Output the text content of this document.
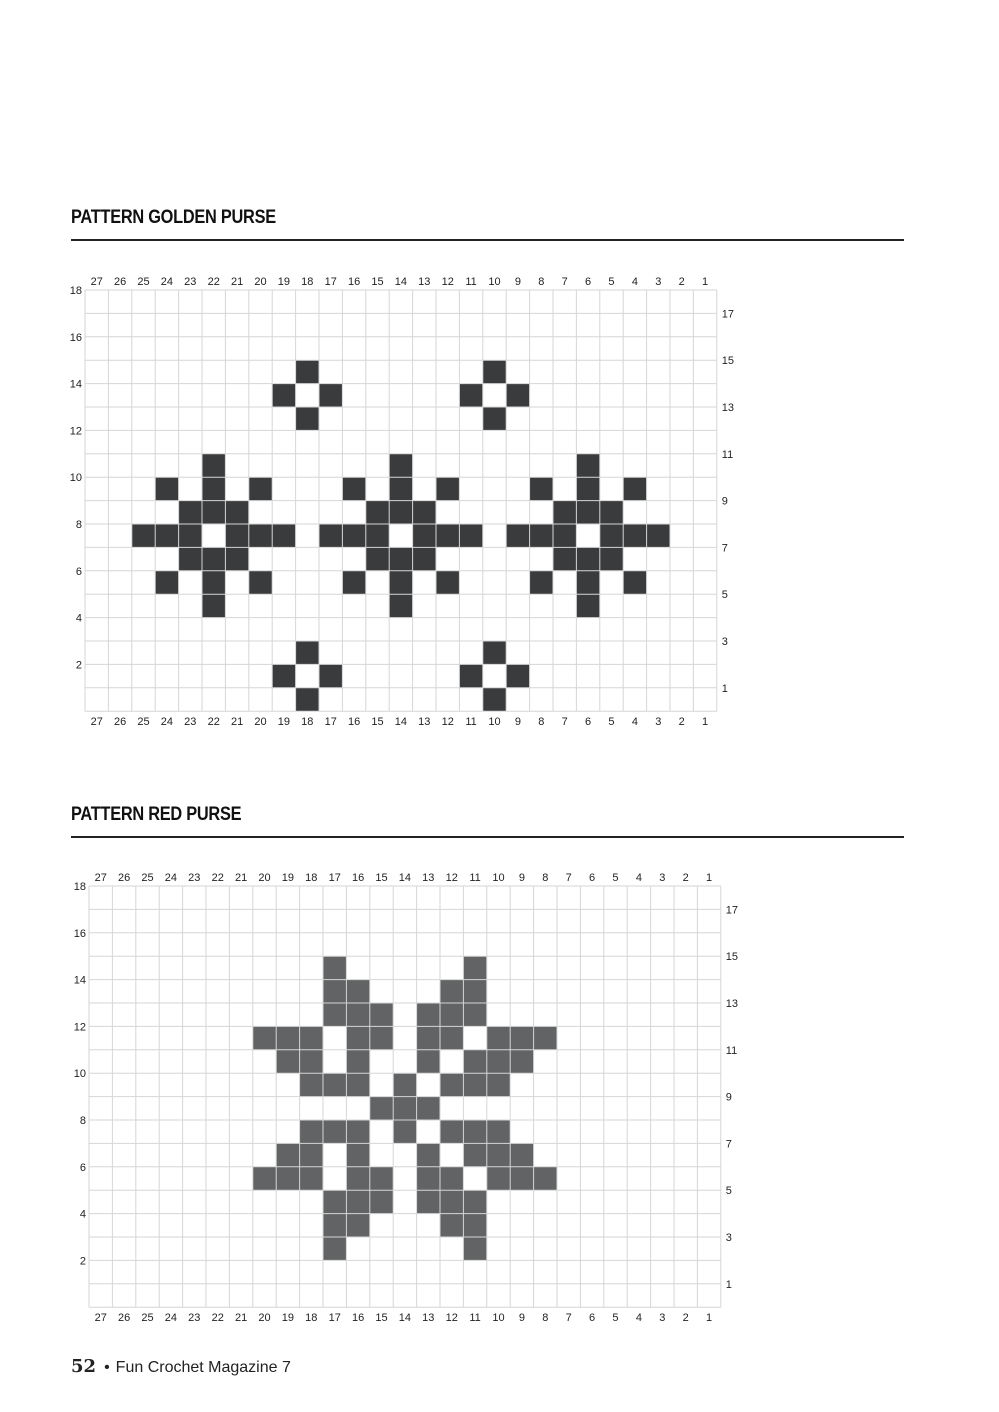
PATTERN GOLDEN PURSE
1
1
2
2
3
3
4
4
5
5
6
6
7
7
8
8
9
9
10
10
11
11
12
12
13
13
14
14
15
15
16
16
17
17
18
18
19
19
20
20
21
21
22
22
23
23
24
24
25
25
26
26
27
27
1
2
3
4
5
6
7
8
9
10
11
12
13
14
15
16
17
18
PATTERN RED PURSE
1
1
2
2
3
3
4
4
5
5
6
6
7
7
8
8
9
9
10
10
11
11
12
12
13
13
14
14
15
15
16
16
17
17
18
18
19
19
20
20
21
21
22
22
23
23
24
24
25
25
26
26
27
27
1
2
3
4
5
6
7
8
9
10
11
12
13
14
15
16
17
18
52 • Fun Crochet Magazine 7
